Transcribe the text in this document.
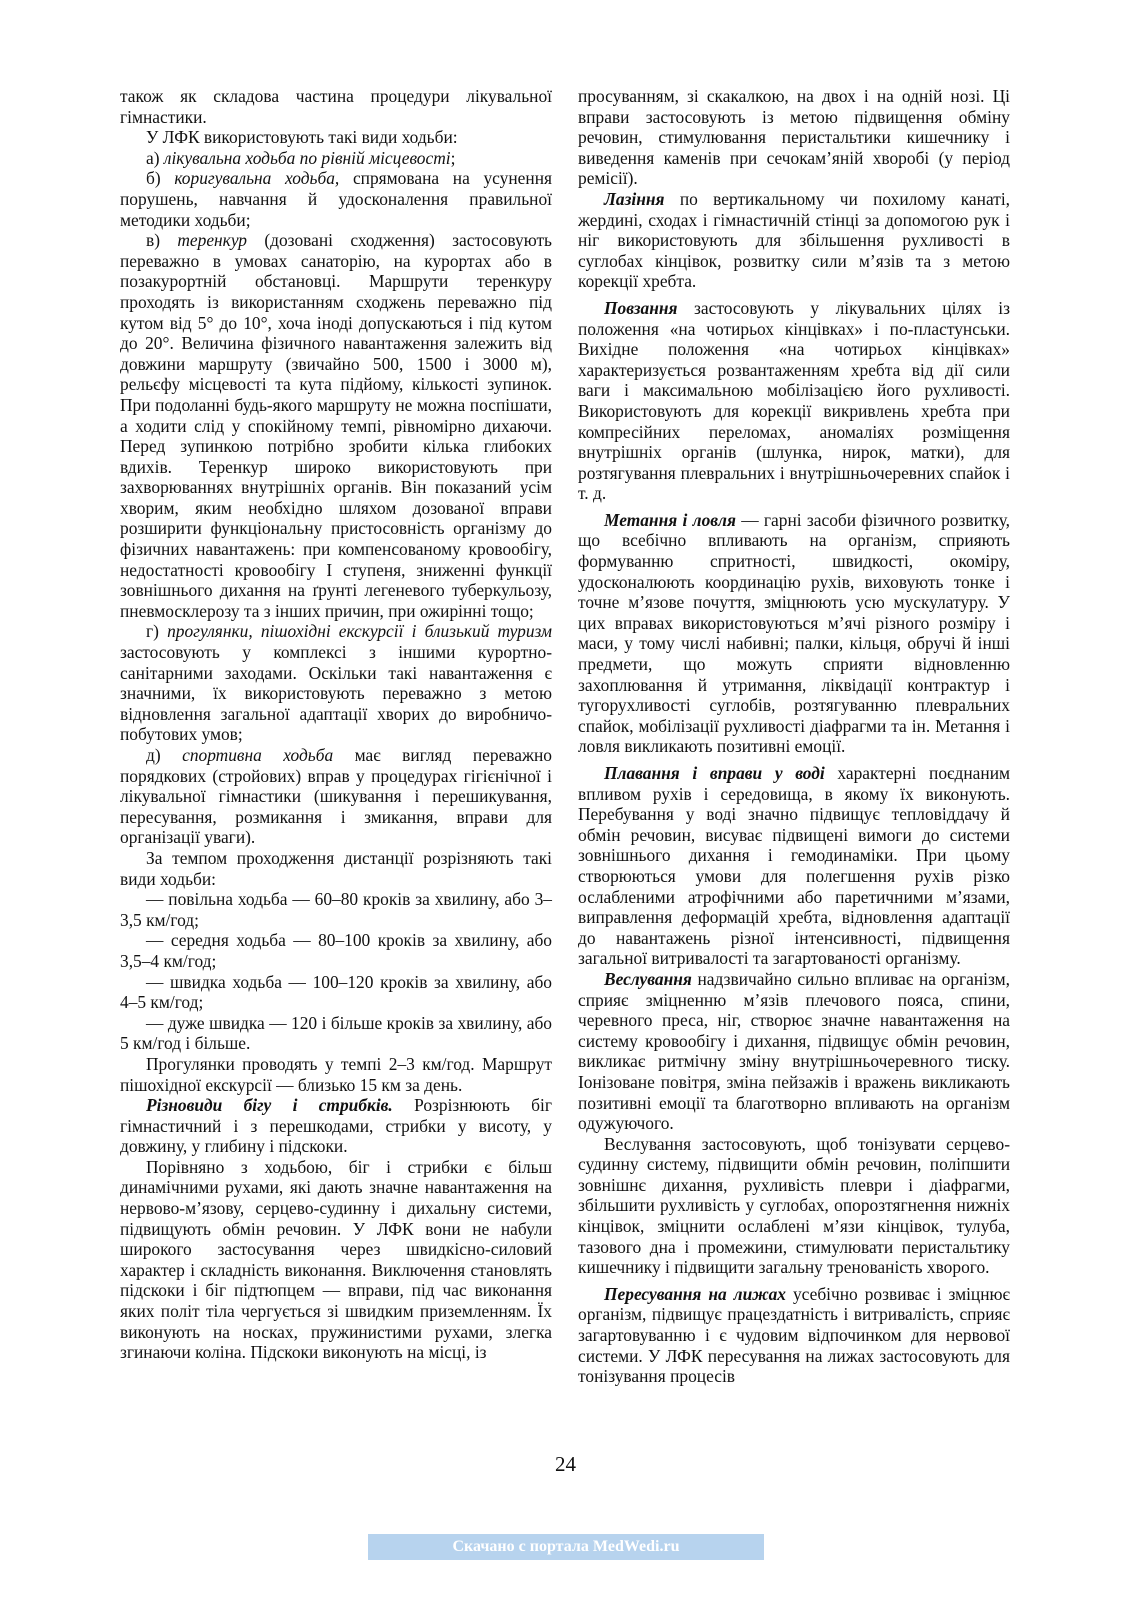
також як складова частина процедури лікувальної гімнастики.

У ЛФК використовують такі види ходьби:

а) лікувальна ходьба по рівній місцевості;

б) коригувальна ходьба, спрямована на усунення порушень, навчання й удосконалення правильної методики ходьби;

в) теренкур (дозовані сходження) застосовують переважно в умовах санаторію, на курортах або в позакурортній обстановці. Маршрути теренкуру проходять із використанням сходжень переважно під кутом від 5° до 10°, хоча іноді допускаються і під кутом до 20°. Величина фізичного навантаження залежить від довжини маршруту (звичайно 500, 1500 і 3000 м), рельєфу місцевості та кута підйому, кількості зупинок. При подоланні будь-якого маршруту не можна поспішати, а ходити слід у спокійному темпі, рівномірно дихаючи. Перед зупинкою потрібно зробити кілька глибоких вдихів. Теренкур широко використовують при захворюваннях внутрішніх органів. Він показаний усім хворим, яким необхідно шляхом дозованої вправи розширити функціональну пристосовність організму до фізичних навантажень: при компенсованому кровообігу, недостатності кровообігу І ступеня, зниженні функції зовнішнього дихання на ґрунті легеневого туберкульозу, пневмосклерозу та з інших причин, при ожирінні тощо;

г) прогулянки, пішохідні екскурсії і близький туризм застосовують у комплексі з іншими курортно-санітарними заходами. Оскільки такі навантаження є значними, їх використовують переважно з метою відновлення загальної адаптації хворих до виробничо-побутових умов;

д) спортивна ходьба має вигляд переважно порядкових (стройових) вправ у процедурах гігієнічної і лікувальної гімнастики (шикування і перешикування, пересування, розмикання і змикання, вправи для організації уваги).

За темпом проходження дистанції розрізняють такі види ходьби:

— повільна ходьба — 60–80 кроків за хвилину, або 3–3,5 км/год;

— середня ходьба — 80–100 кроків за хвилину, або 3,5–4 км/год;

— швидка ходьба — 100–120 кроків за хвилину, або 4–5 км/год;

— дуже швидка — 120 і більше кроків за хвилину, або 5 км/год і більше.

Прогулянки проводять у темпі 2–3 км/год. Маршрут пішохідної екскурсії — близько 15 км за день.

Різновиди бігу і стрибків. Розрізнюють біг гімнастичний і з перешкодами, стрибки у висоту, у довжину, у глибину і підскоки.

Порівняно з ходьбою, біг і стрибки є більш динамічними рухами, які дають значне навантаження на нервово-м’язову, серцево-судинну і дихальну системи, підвищують обмін речовин. У ЛФК вони не набули широкого застосування через швидкісно-силовий характер і складність виконання. Виключення становлять підскоки і біг підтюпцем — вправи, під час виконання яких політ тіла чергується зі швидким приземленням. Їх виконують на носках, пружинистими рухами, злегка згинаючи коліна. Підскоки виконують на місці, із

просуванням, зі скакалкою, на двох і на одній нозі. Ці вправи застосовують із метою підвищення обміну речовин, стимулювання перистальтики кишечнику і виведення каменів при сечокам’яній хворобі (у період ремісії).

Лазіння по вертикальному чи похилому канаті, жердині, сходах і гімнастичній стінці за допомогою рук і ніг використовують для збільшення рухливості в суглобах кінцівок, розвитку сили м’язів та з метою корекції хребта.

Повзання застосовують у лікувальних цілях із положення «на чотирьох кінцівках» і по-пластунськи. Вихідне положення «на чотирьох кінцівках» характеризується розвантаженням хребта від дії сили ваги і максимальною мобілізацією його рухливості. Використовують для корекції викривлень хребта при компресійних переломах, аномаліях розміщення внутрішніх органів (шлунка, нирок, матки), для розтягування плевральних і внутрішньочеревних спайок і т. д.

Метання і ловля — гарні засоби фізичного розвитку, що всебічно впливають на організм, сприяють формуванню спритності, швидкості, окоміру, удосконалюють координацію рухів, виховують тонке і точне м’язове почуття, зміцнюють усю мускулатуру. У цих вправах використовуються м’ячі різного розміру і маси, у тому числі набивні; палки, кільця, обручі й інші предмети, що можуть сприяти відновленню захоплювання й утримання, ліквідації контрактур і тугорухливості суглобів, розтягуванню плевральних спайок, мобілізації рухливості діафрагми та ін. Метання і ловля викликають позитивні емоції.

Плавання і вправи у воді характерні поєднаним впливом рухів і середовища, в якому їх виконують. Перебування у воді значно підвищує тепловіддачу й обмін речовин, висуває підвищені вимоги до системи зовнішнього дихання і гемодинаміки. При цьому створюються умови для полегшення рухів різко ослабленими атрофічними або паретичними м’язами, виправлення деформацій хребта, відновлення адаптації до навантажень різної інтенсивності, підвищення загальної витривалості та загартованості організму.

Веслування надзвичайно сильно впливає на організм, сприяє зміцненню м’язів плечового пояса, спини, черевного преса, ніг, створює значне навантаження на систему кровообігу і дихання, підвищує обмін речовин, викликає ритмічну зміну внутрішньочеревного тиску. Іонізоване повітря, зміна пейзажів і вражень викликають позитивні емоції та благотворно впливають на організм одужуючого.

Веслування застосовують, щоб тонізувати серцево-судинну систему, підвищити обмін речовин, поліпшити зовнішнє дихання, рухливість плеври і діафрагми, збільшити рухливість у суглобах, опорозтягнення нижніх кінцівок, зміцнити ослаблені м’язи кінцівок, тулуба, тазового дна і промежини, стимулювати перистальтику кишечнику і підвищити загальну тренованість хворого.

Пересування на лижах усебічно розвиває і зміцнює організм, підвищує працездатність і витривалість, сприяє загартовуванню і є чудовим відпочинком для нервової системи. У ЛФК пересування на лижах застосовують для тонізування процесів

24
Скачано с портала MedWedi.ru
